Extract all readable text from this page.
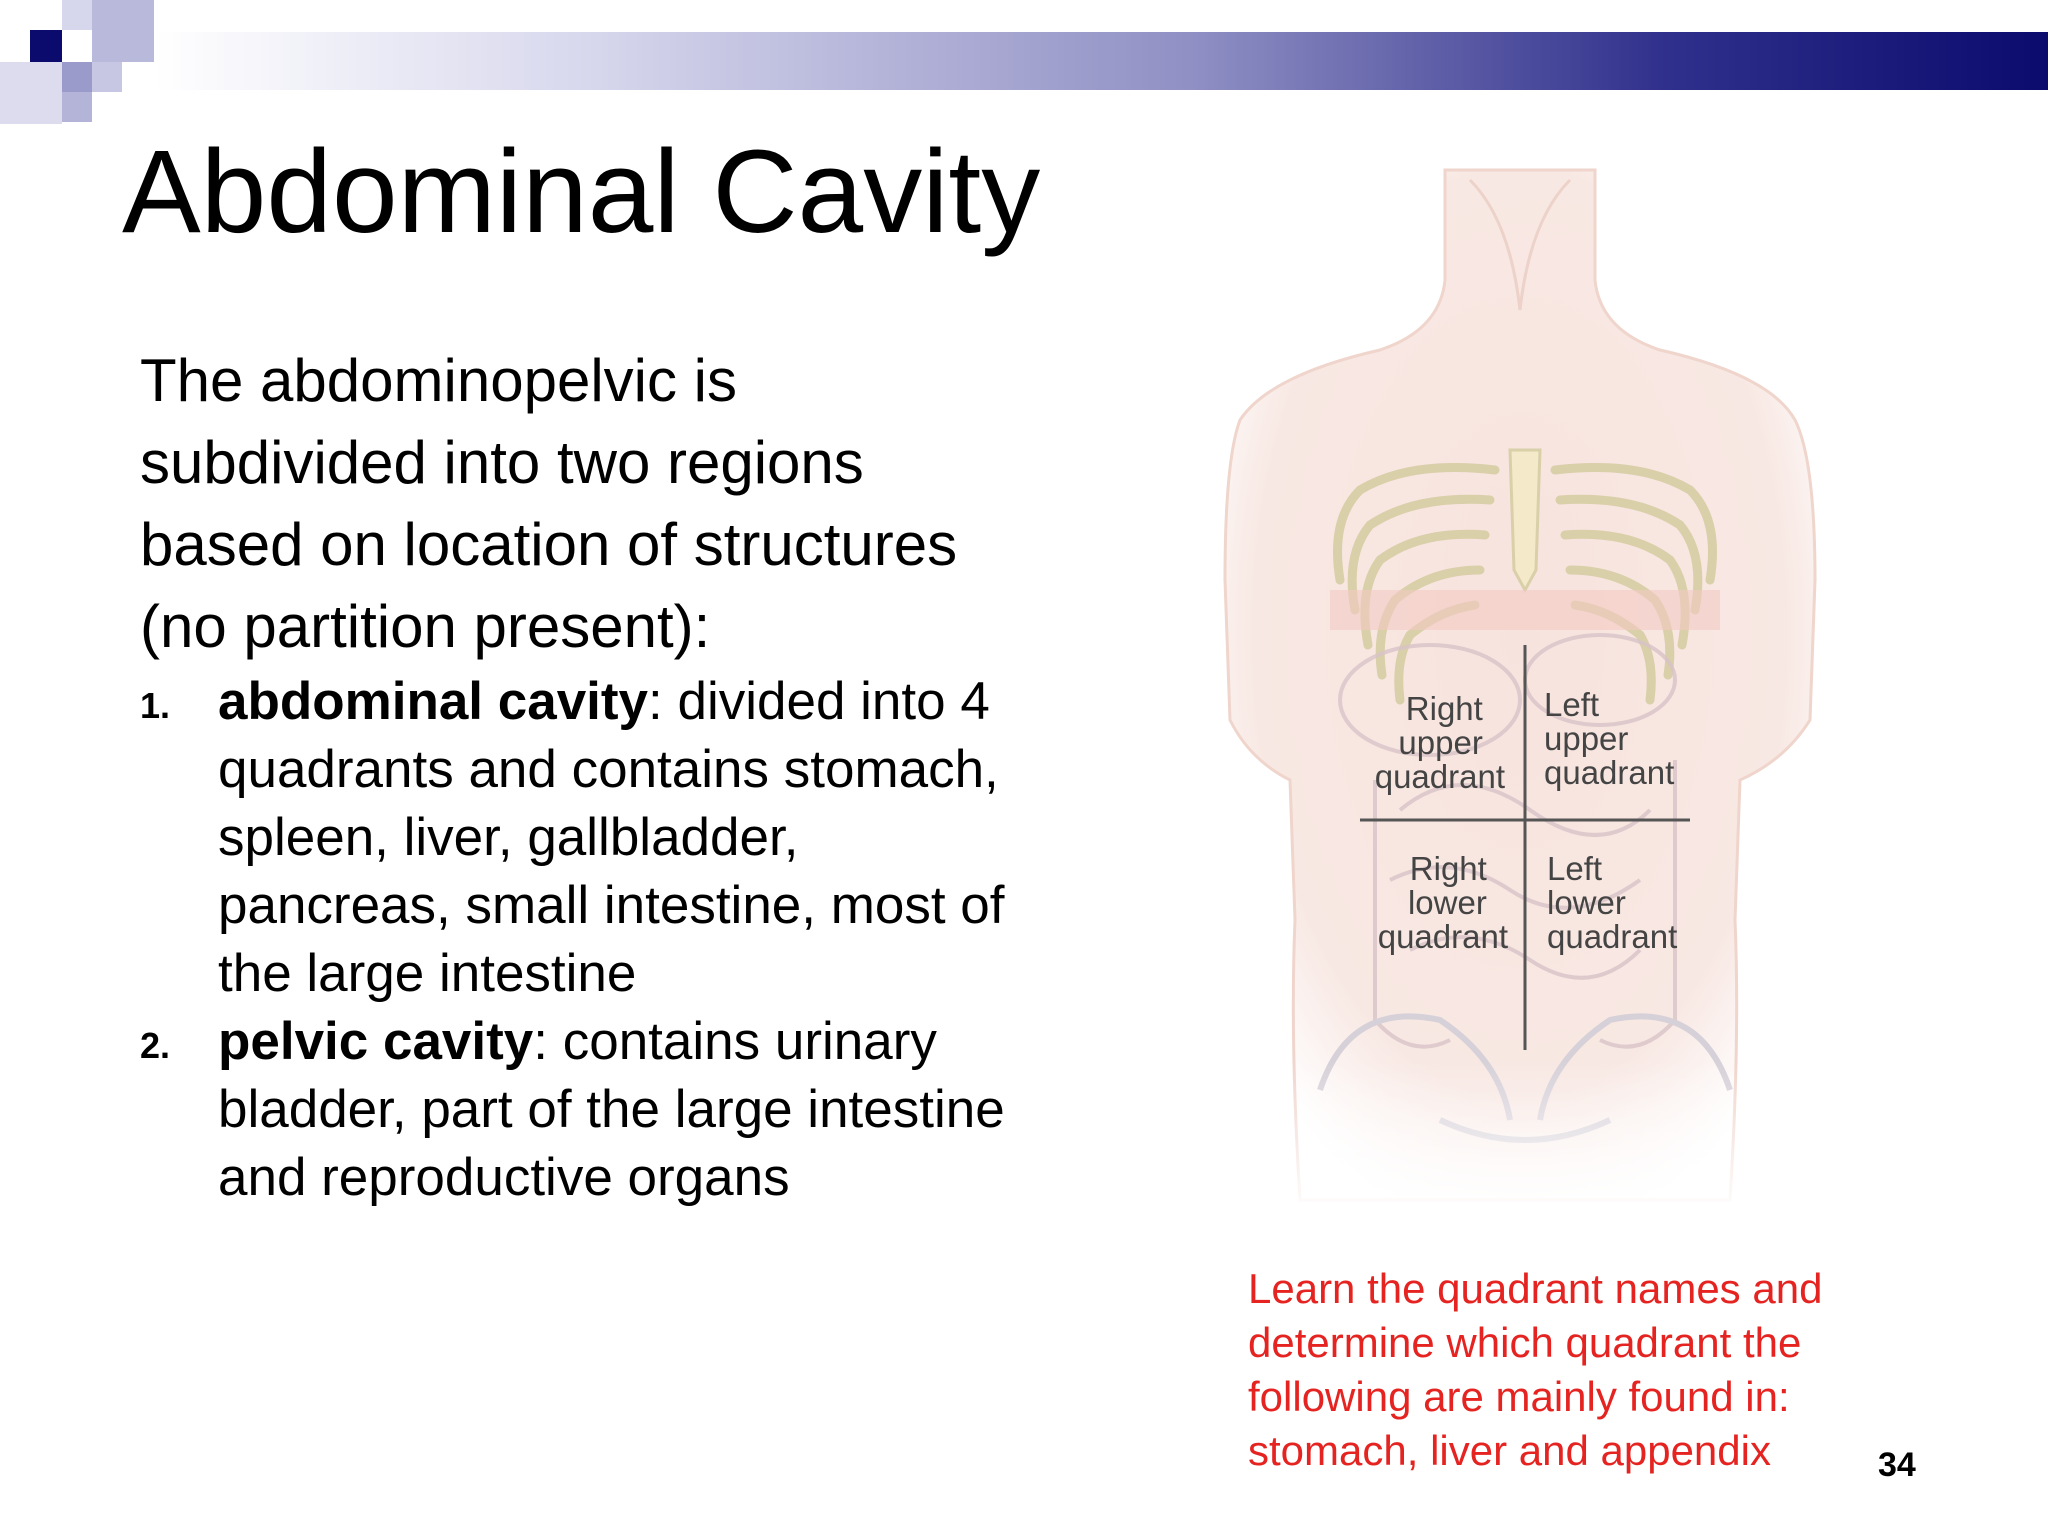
Abdominal Cavity

The abdominopelvic is subdivided into two regions based on location of structures (no partition present):

1. abdominal cavity: divided into 4 quadrants and contains stomach, spleen, liver, gallbladder, pancreas, small intestine, most of the large intestine
2. pelvic cavity: contains urinary bladder, part of the large intestine and reproductive organs
Right upper quadrant
Left upper quadrant
Right lower quadrant
Left lower quadrant
Learn the quadrant names and determine which quadrant the following are mainly found in: stomach, liver and appendix	34
